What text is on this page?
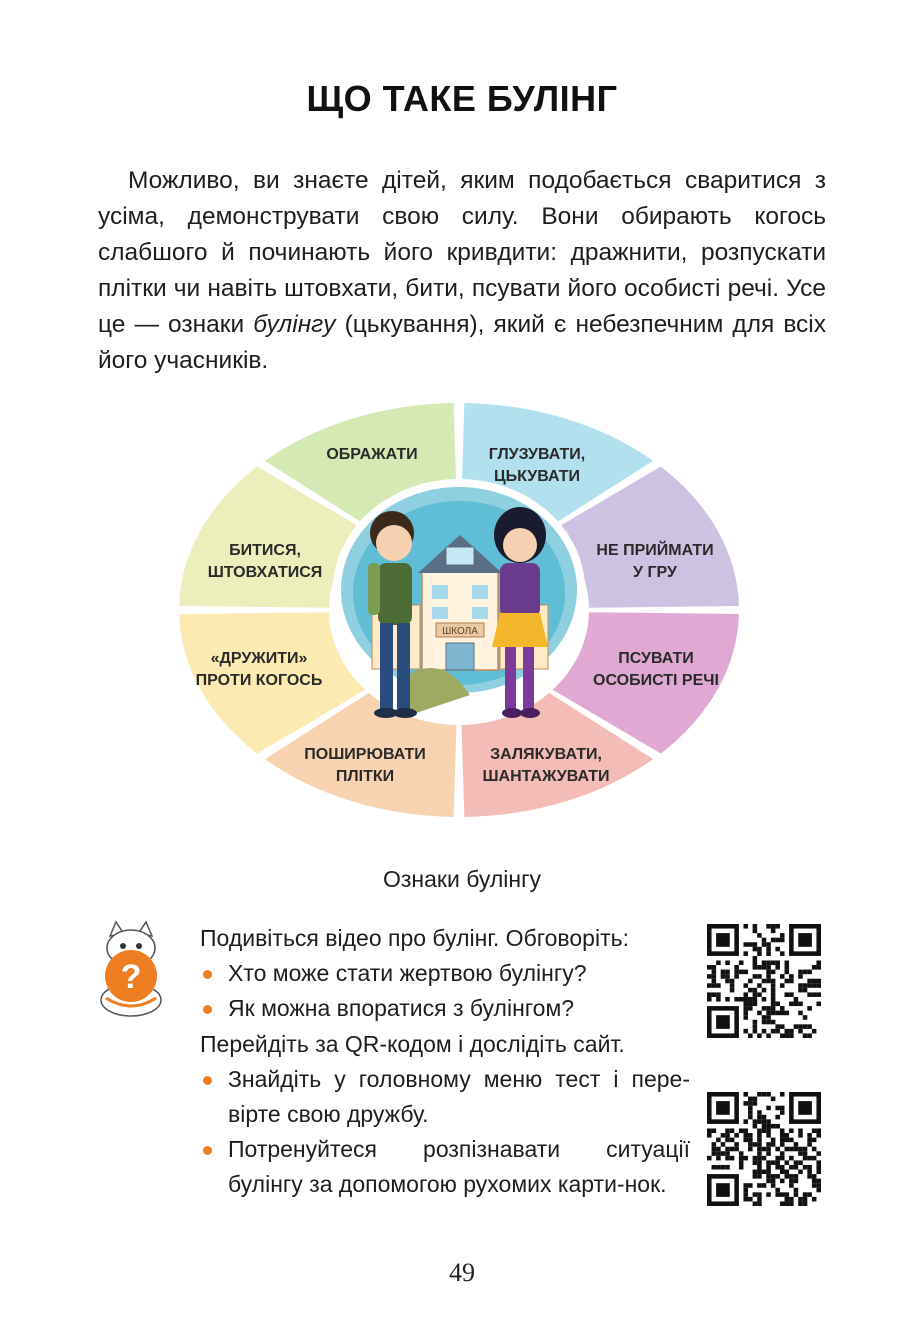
ЩО ТАКЕ БУЛІНГ

Можливо, ви знаєте дітей, яким подобається сваритися з усіма, демонструвати свою силу. Вони обирають когось слабшого й починають його кривдити: дражнити, розпускати плітки чи навіть штовхати, бити, псувати його особисті речі. Усе це — ознаки булінгу (цькування), який є небезпечним для всіх його учасників.

ШКОЛА
ОБРАЖАТИ	ГЛУЗУВАТИ,
ЦЬКУВАТИ
НЕ ПРИЙМАТИ
У ГРУ
ПСУВАТИ
ОСОБИСТІ РЕЧІ
ЗАЛЯКУВАТИ,
ШАНТАЖУВАТИ
ПОШИРЮВАТИ
ПЛІТКИ
«ДРУЖИТИ»
ПРОТИ КОГОСЬ
БИТИСЯ,
ШТОВХАТИСЯ
Ознаки булінгу
?

Подивіться відео про булінг. Обговоріть:

Хто може стати жертвою булінгу?

Як можна впоратися з булінгом?

Перейдіть за QR-кодом і дослідіть сайт.

Знайдіть у головному меню тест і пере-вірте свою дружбу.

Потренуйтеся розпізнавати ситуації булінгу за допомогою рухомих карти-нок.

49
